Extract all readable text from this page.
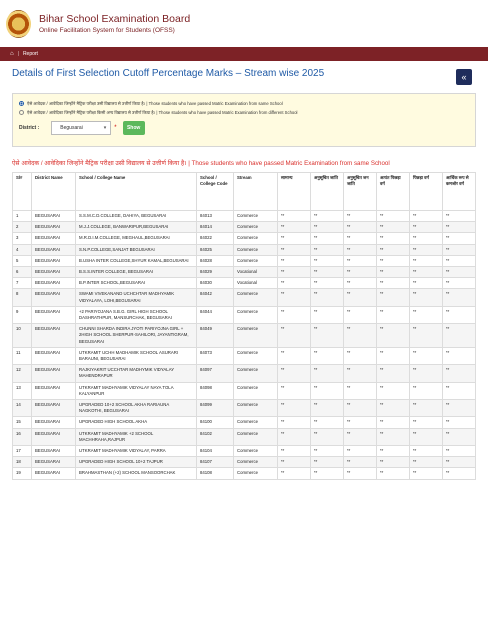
Bihar School Examination Board
Online Facilitation System for Students (OFSS)
⌂ | Report
Details of First Selection Cutoff Percentage Marks – Stream wise 2025	«
ऐसे आवेदक / आवेदिका जिन्होंने मैट्रिक परीक्षा उसी विद्यालय से उत्तीर्ण किया है। | Those students who have passed Matric Examination from same School
ऐसे आवेदक / आवेदिका जिन्होंने मैट्रिक परीक्षा किसी अन्य विद्यालय से उत्तीर्ण किया है। | Those students who have passed Matric Examination from different School
District :	Begusarai	▾ *	Show
ऐसे आवेदक / आवेदिका जिन्होंने मैट्रिक परीक्षा उसी विद्यालय से उत्तीर्ण किया है। | Those students who have passed Matric Examination from same School
Sl#	District Name	School / College Name	School / College Code	Stream	सामान्य	अनुसूचित जाति	अनुसूचित जन जाति	अत्यंत पिछड़ा वर्ग	पिछड़ा वर्ग	आर्थिक रूप से कमजोर वर्ग
1	BEGUSARAI	S.S.M.C.D.COLLEGE, DAHIYA, BEGUSARAI	84013	Commerce	**	**	**	**	**	**
2	BEGUSARAI	M.J.J.COLLEGE, BANWARIPUR,BEGUSARAI	84014	Commerce	**	**	**	**	**	**
3	BEGUSARAI	M.R.D.I.M.COLLEGE, MEGHAUL,BEGUSARAI	84022	Commerce	**	**	**	**	**	**
4	BEGUSARAI	S.N.P.COLLEGE,SANJAT BEGUSARAI	84025	Commerce	**	**	**	**	**	**
5	BEGUSARAI	B.USHA INTER COLLEGE,SHYUR KAMAL,BEGUSARAI	84028	Commerce	**	**	**	**	**	**
6	BEGUSARAI	B.S.S.INTER COLLEGE, BEGUSARAI	84029	Vocational	**	**	**	**	**	**
7	BEGUSARAI	B.P.INTER SCHOOL,BEGUSARAI	84030	Vocational	**	**	**	**	**	**
8	BEGUSARAI	SWAMI VIVEKANAND UCHCHTAR MADHYAMIK VIDYALAYA, LOHI,BEGUSARAI	84042	Commerce	**	**	**	**	**	**
9	BEGUSARAI	+2 PARIYOJANA S.B.G. GIRL HIGH SCHOOL DASHRATHPUR, MANSURCHAK, BEGUSARAI	84044	Commerce	**	**	**	**	**	**
10	BEGUSARAI	CHUNNI SHARDA INDIRA JYOTI PARIYOJNA GIRL + 2HIGH SCHOOL SHERPUR-SAHILORI, JAYANTIGRAM, BEGUSARAI	84049	Commerce	**	**	**	**	**	**
11	BEGUSARAI	UTKRAMIT UCHH MADHAMIK SCHOOL ASURARI BARAUNI, BEGUSARAI	84073	Commerce	**	**	**	**	**	**
12	BEGUSARAI	RAJKIYAKRIT UCCHTAR MADHYMIK VIDYALAY MAHENDRAPUR	84097	Commerce	**	**	**	**	**	**
13	BEGUSARAI	UTKRAMIT MADHYAMIK VIDYALAY NAYA TOLA KALYANPUR	84098	Commerce	**	**	**	**	**	**
14	BEGUSARAI	UPGRADED 10+2 SCHOOL AKHA RARIAUNA NAGKOTHI, BEGUSARAI	84099	Commerce	**	**	**	**	**	**
15	BEGUSARAI	UPGRADED HIGH SCHOOL AKHA	84100	Commerce	**	**	**	**	**	**
16	BEGUSARAI	UTKRAMIT MADHYAMIK +2 SCHOOL MACHHRAHA,RAJPUR	84102	Commerce	**	**	**	**	**	**
17	BEGUSARAI	UTKRAMIT MADHYAMIK VIDYALAY, PARRA	84104	Commerce	**	**	**	**	**	**
18	BEGUSARAI	UPGRADED HIGH SCHOOL 10+2 TAJPUR	84107	Commerce	**	**	**	**	**	**
19	BEGUSARAI	BRAHMASTHAN (+2) SCHOOL MANSOORCHAK	84108	Commerce	**	**	**	**	**	**
